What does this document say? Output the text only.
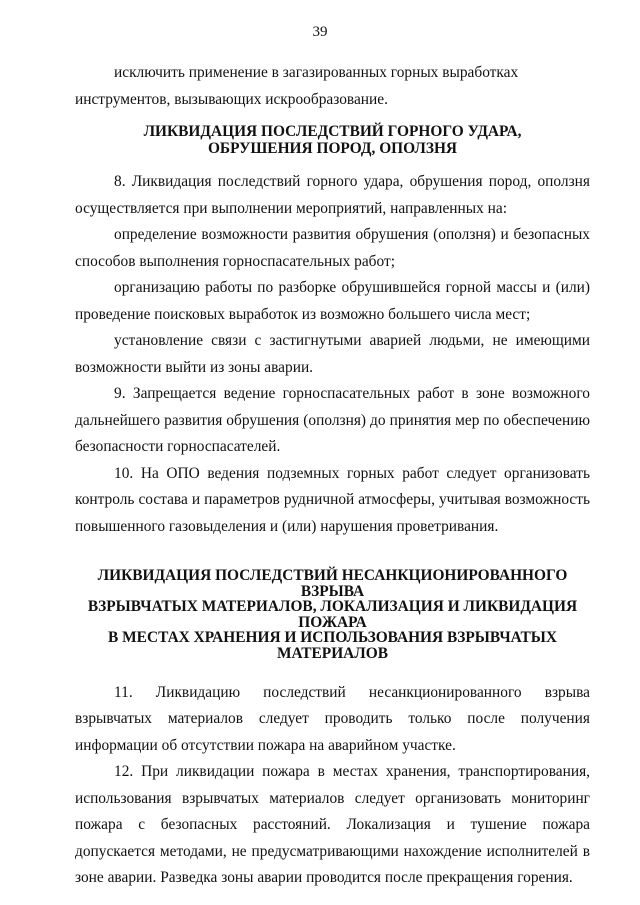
39

исключить применение в загазированных горных выработках

инструментов, вызывающих искрообразование.

ЛИКВИДАЦИЯ ПОСЛЕДСТВИЙ ГОРНОГО УДАРА,
ОБРУШЕНИЯ ПОРОД, ОПОЛЗНЯ

8. Ликвидация последствий горного удара, обрушения пород, оползня осуществляется при выполнении мероприятий, направленных на:

определение возможности развития обрушения (оползня) и безопасных способов выполнения горноспасательных работ;

организацию работы по разборке обрушившейся горной массы и (или) проведение поисковых выработок из возможно большего числа мест;

установление связи с застигнутыми аварией людьми, не имеющими возможности выйти из зоны аварии.

9. Запрещается ведение горноспасательных работ в зоне возможного дальнейшего развития обрушения (оползня) до принятия мер по обеспечению безопасности горноспасателей.

10. На ОПО ведения подземных горных работ следует организовать контроль состава и параметров рудничной атмосферы, учитывая возможность повышенного газовыделения и (или) нарушения проветривания.

ЛИКВИДАЦИЯ ПОСЛЕДСТВИЙ НЕСАНКЦИОНИРОВАННОГО ВЗРЫВА
ВЗРЫВЧАТЫХ МАТЕРИАЛОВ, ЛОКАЛИЗАЦИЯ И ЛИКВИДАЦИЯ ПОЖАРА
В МЕСТАХ ХРАНЕНИЯ И ИСПОЛЬЗОВАНИЯ ВЗРЫВЧАТЫХ
МАТЕРИАЛОВ

11. Ликвидацию последствий несанкционированного взрыва взрывчатых материалов следует проводить только после получения информации об отсутствии пожара на аварийном участке.

12. При ликвидации пожара в местах хранения, транспортирования, использования взрывчатых материалов следует организовать мониторинг пожара с безопасных расстояний. Локализация и тушение пожара допускается методами, не предусматривающими нахождение исполнителей в зоне аварии. Разведка зоны аварии проводится после прекращения горения.
